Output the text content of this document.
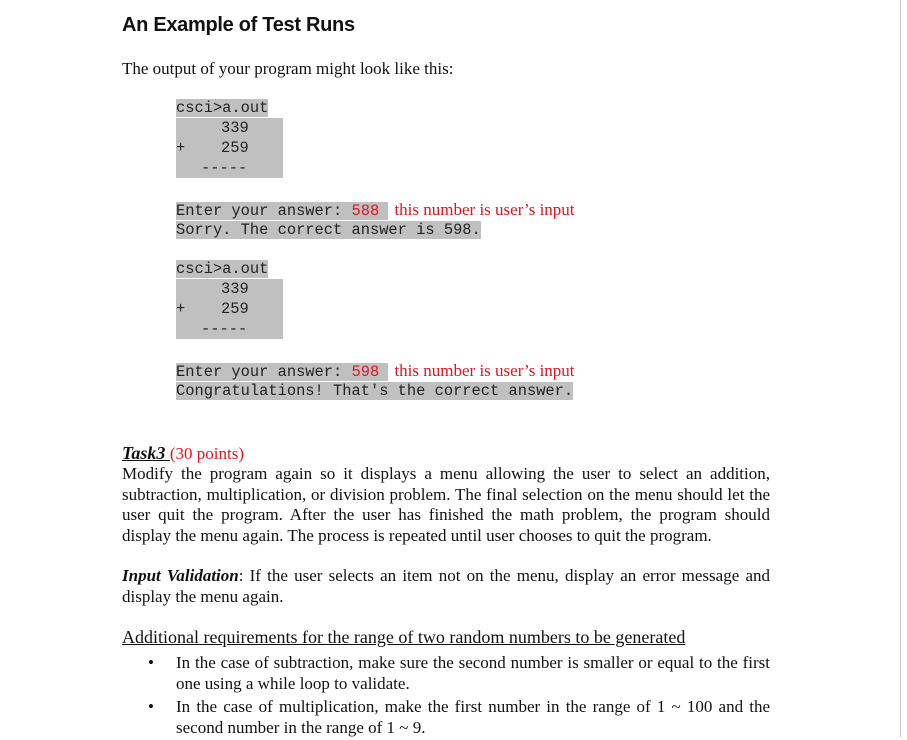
An Example of Test Runs
The output of your program might look like this:
csci>a.out
339
+ 259
-----
Enter your answer: 588 this number is user’s input
Sorry. The correct answer is 598.
csci>a.out
339
+ 259
-----
Enter your answer: 598 this number is user’s input
Congratulations! That's the correct answer.
Task3 (30 points)
Modify the program again so it displays a menu allowing the user to select an addition, subtraction, multiplication, or division problem. The final selection on the menu should let the user quit the program. After the user has finished the math problem, the program should display the menu again. The process is repeated until user chooses to quit the program.
Input Validation: If the user selects an item not on the menu, display an error message and display the menu again.
Additional requirements for the range of two random numbers to be generated
• In the case of subtraction, make sure the second number is smaller or equal to the first one using a while loop to validate.
• In the case of multiplication, make the first number in the range of 1 ~ 100 and the second number in the range of 1 ~ 9.
